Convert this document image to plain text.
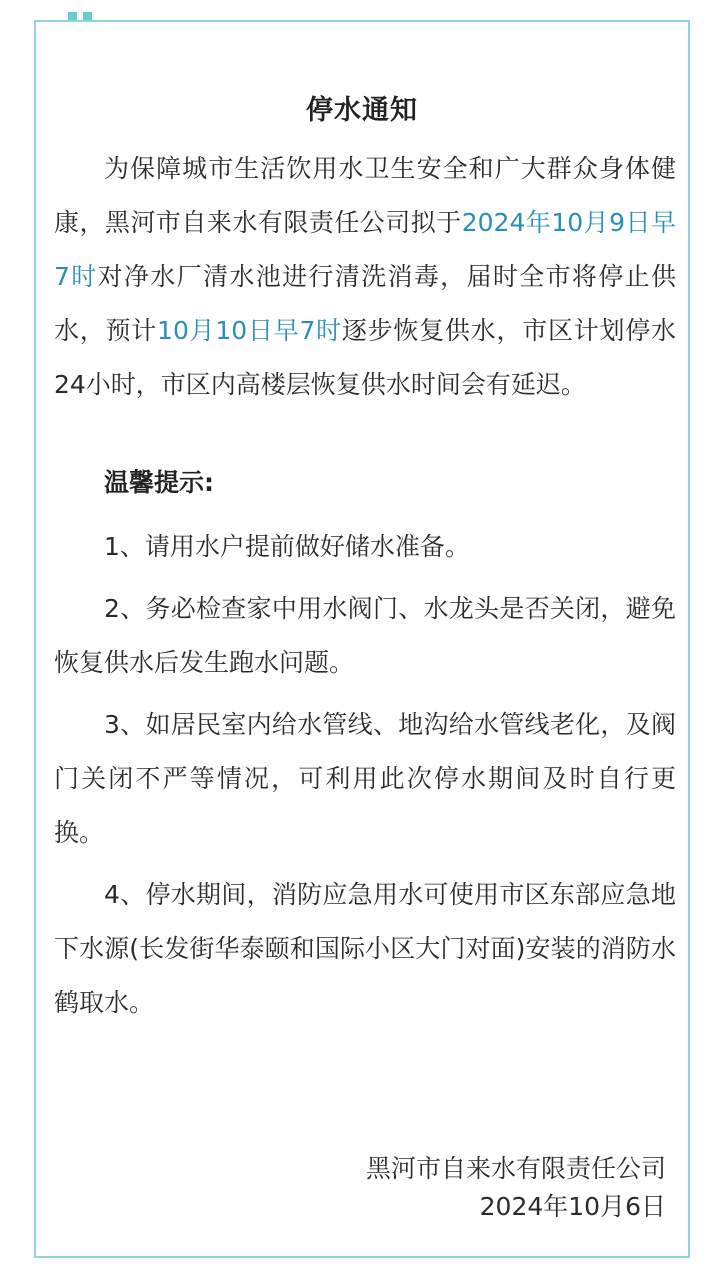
停水通知

为保障城市生活饮用水卫生安全和广大群众身体健康，黑河市自来水有限责任公司拟于2024年10月9日早7时对净水厂清水池进行清洗消毒，届时全市将停止供水，预计10月10日早7时逐步恢复供水，市区计划停水24小时，市区内高楼层恢复供水时间会有延迟。

温馨提示:

1、请用水户提前做好储水准备。

2、务必检查家中用水阀门、水龙头是否关闭，避免恢复供水后发生跑水问题。

3、如居民室内给水管线、地沟给水管线老化，及阀门关闭不严等情况，可利用此次停水期间及时自行更换。

4、停水期间，消防应急用水可使用市区东部应急地下水源(长发街华泰颐和国际小区大门对面)安装的消防水鹤取水。

黑河市自来水有限责任公司
2024年10月6日
